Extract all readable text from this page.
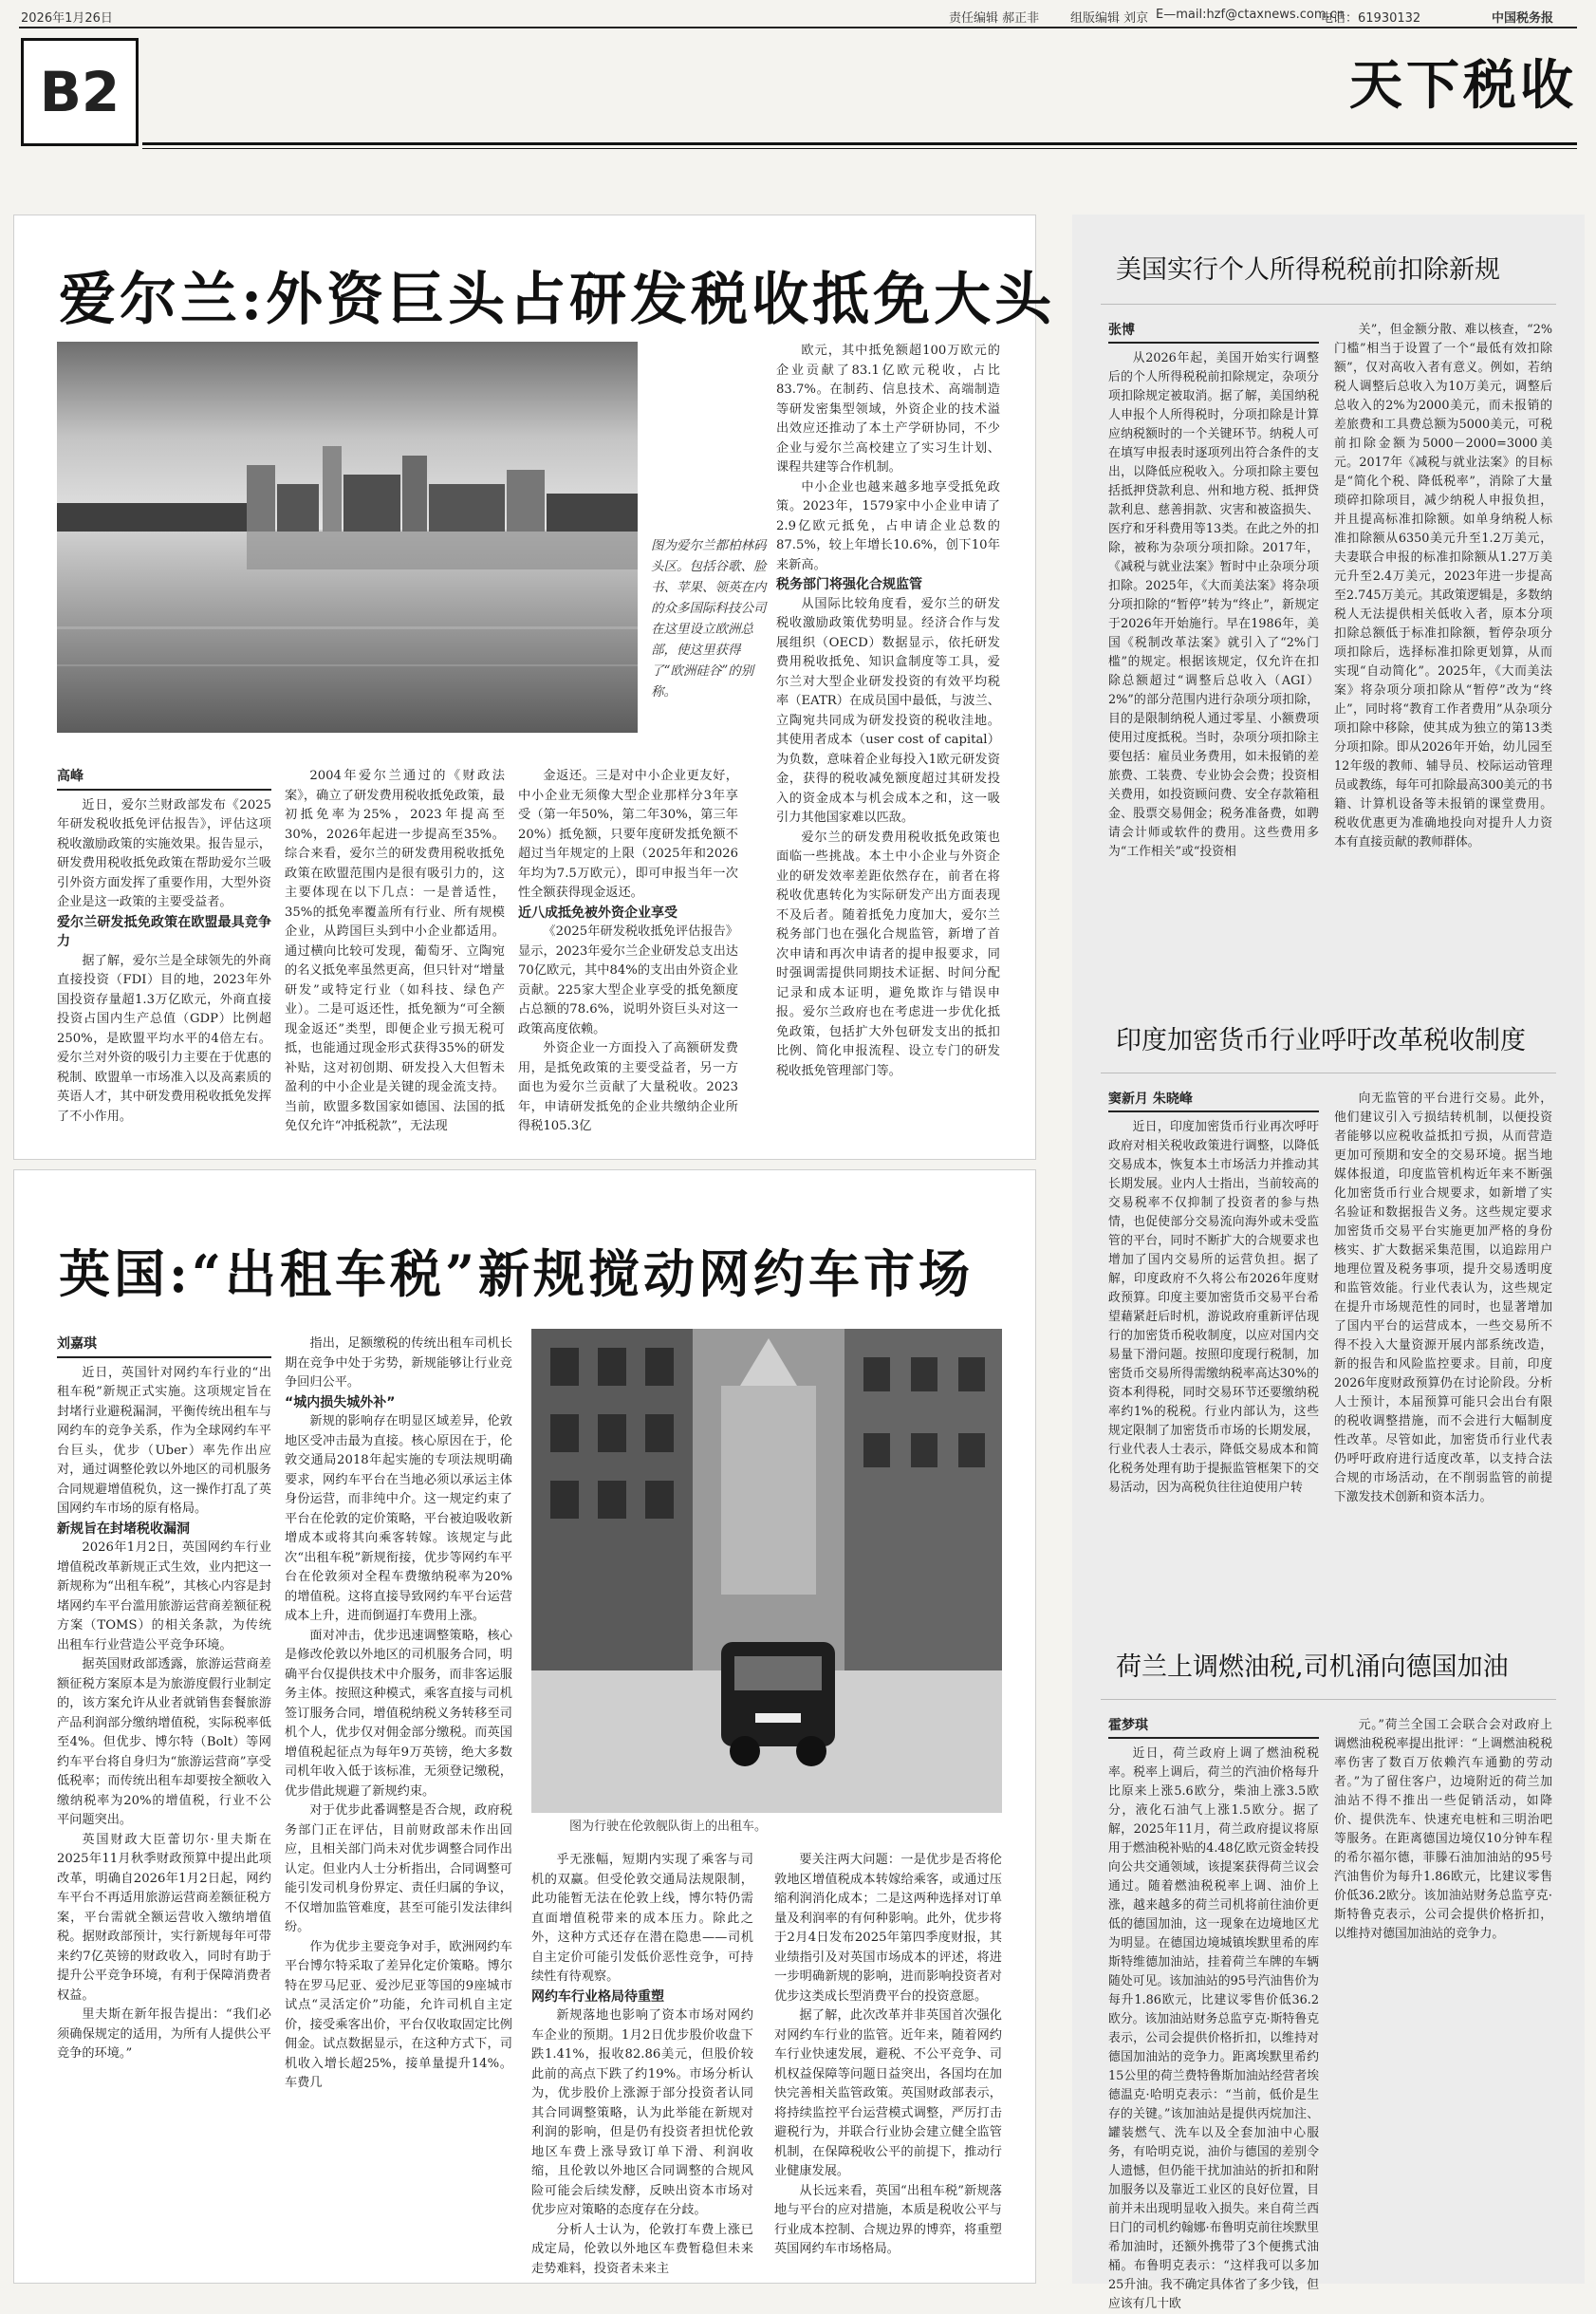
2026年1月26日	责任编辑 郝正非	组版编辑 刘京 E—mail:hzf@ctaxnews.com.cn
电话：61930132	中国税务报
B2	天下税收
爱尔兰:外资巨头占研发税收抵免大头
图为爱尔兰都柏林码头区。包括谷歌、脸书、苹果、领英在内的众多国际科技公司在这里设立欧洲总部，使这里获得了“欧洲硅谷”的别称。
高峰

近日，爱尔兰财政部发布《2025年研发税收抵免评估报告》，评估这项税收激励政策的实施效果。报告显示，研发费用税收抵免政策在帮助爱尔兰吸引外资方面发挥了重要作用，大型外资企业是这一政策的主要受益者。

爱尔兰研发抵免政策在欧盟最具竞争力

据了解，爱尔兰是全球领先的外商直接投资（FDI）目的地，2023年外国投资存量超1.3万亿欧元，外商直接投资占国内生产总值（GDP）比例超250%，是欧盟平均水平的4倍左右。爱尔兰对外资的吸引力主要在于优惠的税制、欧盟单一市场准入以及高素质的英语人才，其中研发费用税收抵免发挥了不小作用。

2004年爱尔兰通过的《财政法案》，确立了研发费用税收抵免政策，最初抵免率为25%，2023年提高至30%，2026年起进一步提高至35%。综合来看，爱尔兰的研发费用税收抵免政策在欧盟范围内是很有吸引力的，这主要体现在以下几点：一是普适性，35%的抵免率覆盖所有行业、所有规模企业，从跨国巨头到中小企业都适用。通过横向比较可发现，葡萄牙、立陶宛的名义抵免率虽然更高，但只针对“增量研发”或特定行业（如科技、绿色产业）。二是可返还性，抵免额为“可全额现金返还”类型，即便企业亏损无税可抵，也能通过现金形式获得35%的研发补贴，这对初创期、研发投入大但暂未盈利的中小企业是关键的现金流支持。当前，欧盟多数国家如德国、法国的抵免仅允许“冲抵税款”，无法现

金返还。三是对中小企业更友好，中小企业无须像大型企业那样分3年享受（第一年50%，第二年30%，第三年20%）抵免额，只要年度研发抵免额不超过当年规定的上限（2025年和2026年均为7.5万欧元），即可申报当年一次性全额获得现金返还。

近八成抵免被外资企业享受

《2025年研发税收抵免评估报告》显示，2023年爱尔兰企业研发总支出达70亿欧元，其中84%的支出由外资企业贡献。225家大型企业享受的抵免额度占总额的78.6%，说明外资巨头对这一政策高度依赖。

外资企业一方面投入了高额研发费用，是抵免政策的主要受益者，另一方面也为爱尔兰贡献了大量税收。2023年，申请研发抵免的企业共缴纳企业所得税105.3亿

欧元，其中抵免额超100万欧元的企业贡献了83.1亿欧元税收，占比83.7%。在制药、信息技术、高端制造等研发密集型领域，外资企业的技术溢出效应还推动了本土产学研协同，不少企业与爱尔兰高校建立了实习生计划、课程共建等合作机制。

中小企业也越来越多地享受抵免政策。2023年，1579家中小企业申请了2.9亿欧元抵免，占申请企业总数的87.5%，较上年增长10.6%，创下10年来新高。

税务部门将强化合规监管

从国际比较角度看，爱尔兰的研发税收激励政策优势明显。经济合作与发展组织（OECD）数据显示，依托研发费用税收抵免、知识盒制度等工具，爱尔兰对大型企业研发投资的有效平均税率（EATR）在成员国中最低，与波兰、立陶宛共同成为研发投资的税收洼地。其使用者成本（user cost of capital）为负数，意味着企业每投入1欧元研发资金，获得的税收减免额度超过其研发投入的资金成本与机会成本之和，这一吸引力其他国家难以匹敌。

爱尔兰的研发费用税收抵免政策也面临一些挑战。本土中小企业与外资企业的研发效率差距依然存在，前者在将税收优惠转化为实际研发产出方面表现不及后者。随着抵免力度加大，爱尔兰税务部门也在强化合规监管，新增了首次申请和再次申请者的提申报要求，同时强调需提供同期技术证据、时间分配记录和成本证明，避免欺诈与错误申报。爱尔兰政府也在考虑进一步优化抵免政策，包括扩大外包研发支出的抵扣比例、简化申报流程、设立专门的研发税收抵免管理部门等。

英国:“出租车税”新规搅动网约车市场
图为行驶在伦敦舰队街上的出租车。
刘嘉琪

近日，英国针对网约车行业的“出租车税”新规正式实施。这项规定旨在封堵行业避税漏洞，平衡传统出租车与网约车的竞争关系，作为全球网约车平台巨头，优步（Uber）率先作出应对，通过调整伦敦以外地区的司机服务合同规避增值税负，这一操作打乱了英国网约车市场的原有格局。

新规旨在封堵税收漏洞

2026年1月2日，英国网约车行业增值税改革新规正式生效，业内把这一新规称为“出租车税”，其核心内容是封堵网约车平台滥用旅游运营商差额征税方案（TOMS）的相关条款，为传统出租车行业营造公平竞争环境。

据英国财政部透露，旅游运营商差额征税方案原本是为旅游度假行业制定的，该方案允许从业者就销售套餐旅游产品利润部分缴纳增值税，实际税率低至4%。但优步、博尔特（Bolt）等网约车平台将自身归为“旅游运营商”享受低税率；而传统出租车却要按全额收入缴纳税率为20%的增值税，行业不公平问题突出。

英国财政大臣蕾切尔·里夫斯在2025年11月秋季财政预算中提出此项改革，明确自2026年1月2日起，网约车平台不再适用旅游运营商差额征税方案，平台需就全额运营收入缴纳增值税。据财政部预计，实行新规每年可带来约7亿英镑的财政收入，同时有助于提升公平竞争环境，有利于保障消费者权益。

里夫斯在新年报告提出：“我们必须确保规定的适用，为所有人提供公平竞争的环境。”

指出，足额缴税的传统出租车司机长期在竞争中处于劣势，新规能够让行业竞争回归公平。

“城内损失城外补”

新规的影响存在明显区域差异，伦敦地区受冲击最为直接。核心原因在于，伦敦交通局2018年起实施的专项法规明确要求，网约车平台在当地必须以承运主体身份运营，而非纯中介。这一规定约束了平台在伦敦的定价策略，平台被迫吸收新增成本或将其向乘客转嫁。该规定与此次“出租车税”新规衔接，优步等网约车平台在伦敦须对全程车费缴纳税率为20%的增值税。这将直接导致网约车平台运营成本上升，进而倒逼打车费用上涨。

面对冲击，优步迅速调整策略，核心是修改伦敦以外地区的司机服务合同，明确平台仅提供技术中介服务，而非客运服务主体。按照这种模式，乘客直接与司机签订服务合同，增值税纳税义务转移至司机个人，优步仅对佣金部分缴税。而英国增值税起征点为每年9万英镑，绝大多数司机年收入低于该标准，无须登记缴税，优步借此规避了新规约束。

对于优步此番调整是否合规，政府税务部门正在评估，目前财政部未作出回应，且相关部门尚未对优步调整合同作出认定。但业内人士分析指出，合同调整可能引发司机身份界定、责任归属的争议，不仅增加监管难度，甚至可能引发法律纠纷。

作为优步主要竞争对手，欧洲网约车平台博尔特采取了差异化定价策略。博尔特在罗马尼亚、爱沙尼亚等国的9座城市试点“灵活定价”功能，允许司机自主定价，接受乘客出价，平台仅收取固定比例佣金。试点数据显示，在这种方式下，司机收入增长超25%，接单量提升14%。车费几

乎无涨幅，短期内实现了乘客与司机的双赢。但受伦敦交通局法规限制，此功能暂无法在伦敦上线，博尔特仍需直面增值税带来的成本压力。除此之外，这种方式还存在潜在隐患——司机自主定价可能引发低价恶性竞争，可持续性有待观察。

网约车行业格局待重塑

新规落地也影响了资本市场对网约车企业的预期。1月2日优步股价收盘下跌1.41%，报收82.86美元，但股价较此前的高点下跌了约19%。市场分析认为，优步股价上涨源于部分投资者认同其合同调整策略，认为此举能在新规对利润的影响，但是仍有投资者担忧伦敦地区车费上涨导致订单下滑、利润收缩，且伦敦以外地区合同调整的合规风险可能会后续发酵，反映出资本市场对优步应对策略的态度存在分歧。

分析人士认为，伦敦打车费上涨已成定局，伦敦以外地区车费暂稳但未来走势难料，投资者未来主

要关注两大问题：一是优步是否将伦敦地区增值税成本转嫁给乘客，或通过压缩利润消化成本；二是这两种选择对订单量及利润率的有何种影响。此外，优步将于2月4日发布2025年第四季度财报，其业绩指引及对英国市场成本的评述，将进一步明确新规的影响，进而影响投资者对优步这类成长型消费平台的投资意愿。

据了解，此次改革并非英国首次强化对网约车行业的监管。近年来，随着网约车行业快速发展，避税、不公平竞争、司机权益保障等问题日益突出，各国均在加快完善相关监管政策。英国财政部表示，将持续监控平台运营模式调整，严厉打击避税行为，并联合行业协会建立健全监管机制，在保障税收公平的前提下，推动行业健康发展。

从长远来看，英国“出租车税”新规落地与平台的应对措施，本质是税收公平与行业成本控制、合规边界的博弈，将重塑英国网约车市场格局。

美国实行个人所得税税前扣除新规
张博

从2026年起，美国开始实行调整后的个人所得税税前扣除规定，杂项分项扣除规定被取消。据了解，美国纳税人申报个人所得税时，分项扣除是计算应纳税额时的一个关键环节。纳税人可在填写申报表时逐项列出符合条件的支出，以降低应税收入。分项扣除主要包括抵押贷款利息、州和地方税、抵押贷款利息、慈善捐款、灾害和被盗损失、医疗和牙科费用等13类。在此之外的扣除，被称为杂项分项扣除。2017年，《减税与就业法案》暂时中止杂项分项扣除。2025年，《大而美法案》将杂项分项扣除的“暂停”转为“终止”，新规定于2026年开始施行。早在1986年，美国《税制改革法案》就引入了“2%门槛”的规定。根据该规定，仅允许在扣除总额超过“调整后总收入（AGI）2%”的部分范围内进行杂项分项扣除，目的是限制纳税人通过零星、小额费项使用过度抵税。当时，杂项分项扣除主要包括：雇员业务费用，如未报销的差旅费、工装费、专业协会会费；投资相关费用，如投资顾问费、安全存款箱租金、股票交易佣金；税务准备费，如聘请会计师或软件的费用。这些费用多为“工作相关”或“投资相

关”，但金额分散、难以核查，“2%门槛”相当于设置了一个“最低有效扣除额”，仅对高收入者有意义。例如，若纳税人调整后总收入为10万美元，调整后总收入的2%为2000美元，而未报销的差旅费和工具费总额为5000美元，可税前扣除金额为5000－2000=3000美元。2017年《减税与就业法案》的目标是“简化个税、降低税率”，消除了大量琐碎扣除项目，减少纳税人申报负担，并且提高标准扣除额。如单身纳税人标准扣除额从6350美元升至1.2万美元，夫妻联合申报的标准扣除额从1.27万美元升至2.4万美元，2023年进一步提高至2.745万美元。其政策逻辑是，多数纳税人无法提供相关低收入者，原本分项扣除总额低于标准扣除额，暂停杂项分项扣除后，选择标准扣除更划算，从而实现“自动简化”。2025年，《大而美法案》将杂项分项扣除从“暂停”改为“终止”，同时将“教育工作者费用”从杂项分项扣除中移除，使其成为独立的第13类分项扣除。即从2026年开始，幼儿园至12年级的教师、辅导员、校际运动管理员或教练，每年可扣除最高300美元的书籍、计算机设备等未报销的课堂费用。税收优惠更为准确地投向对提升人力资本有直接贡献的教师群体。

印度加密货币行业呼吁改革税收制度
窦新月 朱晓峰

近日，印度加密货币行业再次呼吁政府对相关税收政策进行调整，以降低交易成本，恢复本土市场活力并推动其长期发展。业内人士指出，当前较高的交易税率不仅抑制了投资者的参与热情，也促使部分交易流向海外或未受监管的平台，同时不断扩大的合规要求也增加了国内交易所的运营负担。据了解，印度政府不久将公布2026年度财政预算。印度主要加密货币交易平台希望藉紧赶后时机，游说政府重新评估现行的加密货币税收制度，以应对国内交易量下滑问题。按照印度现行税制，加密货币交易所得需缴纳税率高达30%的资本利得税，同时交易环节还要缴纳税率约1%的税税。行业内部认为，这些规定限制了加密货币市场的长期发展，行业代表人士表示，降低交易成本和简化税务处理有助于提振监管框架下的交易活动，因为高税负往往迫使用户转

向无监管的平台进行交易。此外，他们建议引入亏损结转机制，以便投资者能够以应税收益抵扣亏损，从而营造更加可预期和安全的交易环境。据当地媒体报道，印度监管机构近年来不断强化加密货币行业合规要求，如新增了实名验证和数据报告义务。这些规定要求加密货币交易平台实施更加严格的身份核实、扩大数据采集范围，以追踪用户地理位置及税务事项，提升交易透明度和监管效能。行业代表认为，这些规定在提升市场规范性的同时，也显著增加了国内平台的运营成本，一些交易所不得不投入大量资源开展内部系统改造，新的报告和风险监控要求。目前，印度2026年度财政预算仍在讨论阶段。分析人士预计，本届预算可能只会出台有限的税收调整措施，而不会进行大幅制度性改革。尽管如此，加密货币行业代表仍呼吁政府进行适度改革，以支持合法合规的市场活动，在不削弱监管的前提下激发技术创新和资本活力。

荷兰上调燃油税,司机涌向德国加油
霍梦琪

近日，荷兰政府上调了燃油税税率。税率上调后，荷兰的汽油价格每升比原来上涨5.6欧分，柴油上涨3.5欧分，液化石油气上涨1.5欧分。据了解，2025年11月，荷兰政府提议将原用于燃油税补贴的4.48亿欧元资金转投向公共交通领域，该提案获得荷兰议会通过。随着燃油税税率上调、油价上涨，越来越多的荷兰司机将前往油价更低的德国加油，这一现象在边境地区尤为明显。在德国边境城镇埃默里希的库斯特维德加油站，挂着荷兰车牌的车辆随处可见。该加油站的95号汽油售价为每升1.86欧元，比建议零售价低36.2欧分。该加油站财务总监亨克·斯特鲁克表示，公司会提供价格折扣，以维持对德国加油站的竞争力。距离埃默里希约15公里的荷兰费特鲁斯加油站经营者埃德温克·哈明克表示：“当前，低价是生存的关键。”该加油站是提供丙烷加注、罐装燃气、洗车以及全套加油中心服务，有哈明克说，油价与德国的差别令人遗憾，但仍能干扰加油站的折扣和附加服务以及靠近工业区的良好位置，目前并未出现明显收入损失。来自荷兰西日门的司机约翰娜·布鲁明克前往埃默里希加油时，还额外携带了3个便携式油桶。布鲁明克表示：“这样我可以多加25升油。我不确定具体省了多少钱，但应该有几十欧

元。”荷兰全国工会联合会对政府上调燃油税税率提出批评：“上调燃油税税率伤害了数百万依赖汽车通勤的劳动者。”为了留住客户，边境附近的荷兰加油站不得不推出一些促销活动，如降价、提供洗车、快速充电桩和三明治吧等服务。在距离德国边境仅10分钟车程的希尔福尔德，菲滕石油加油站的95号汽油售价为每升1.86欧元，比建议零售价低36.2欧分。该加油站财务总监亨克·斯特鲁克表示，公司会提供价格折扣，以维持对德国加油站的竞争力。
